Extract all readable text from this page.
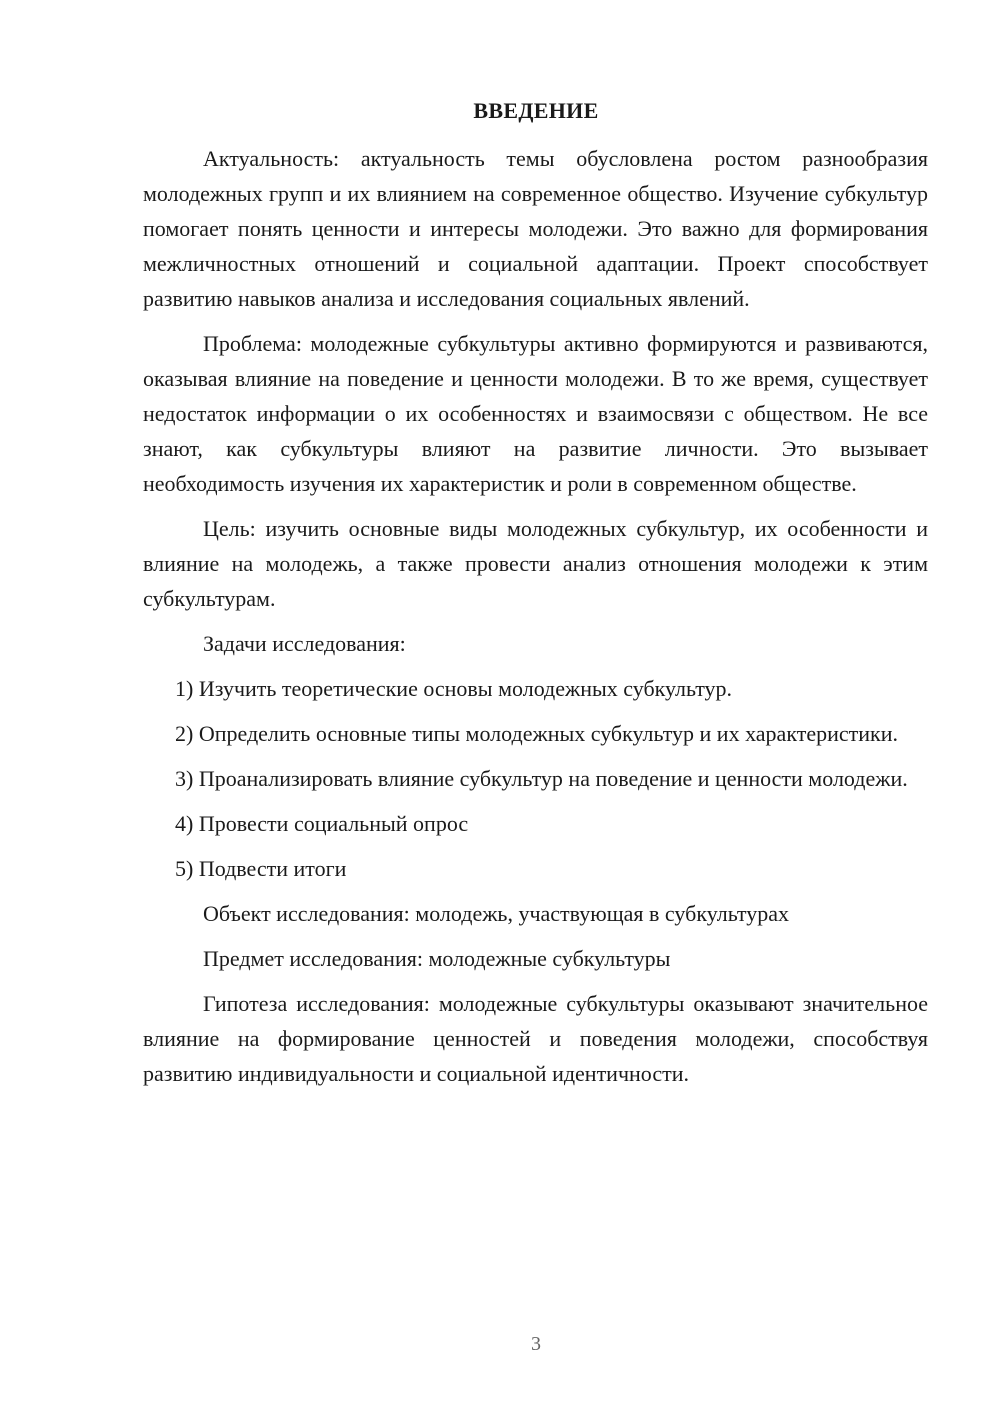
ВВЕДЕНИЕ

Актуальность: актуальность темы обусловлена ростом разнообразия молодежных групп и их влиянием на современное общество. Изучение субкультур помогает понять ценности и интересы молодежи. Это важно для формирования межличностных отношений и социальной адаптации. Проект способствует развитию навыков анализа и исследования социальных явлений.

Проблема: молодежные субкультуры активно формируются и развиваются, оказывая влияние на поведение и ценности молодежи. В то же время, существует недостаток информации о их особенностях и взаимосвязи с обществом. Не все знают, как субкультуры влияют на развитие личности. Это вызывает необходимость изучения их характеристик и роли в современном обществе.

Цель: изучить основные виды молодежных субкультур, их особенности и влияние на молодежь, а также провести анализ отношения молодежи к этим субкультурам.

Задачи исследования:

1) Изучить теоретические основы молодежных субкультур.

2) Определить основные типы молодежных субкультур и их характеристики.

3) Проанализировать влияние субкультур на поведение и ценности молодежи.

4) Провести социальный опрос

5) Подвести итоги

Объект исследования: молодежь, участвующая в субкультурах

Предмет исследования: молодежные субкультуры

Гипотеза исследования: молодежные субкультуры оказывают значительное влияние на формирование ценностей и поведения молодежи, способствуя развитию индивидуальности и социальной идентичности.

3
